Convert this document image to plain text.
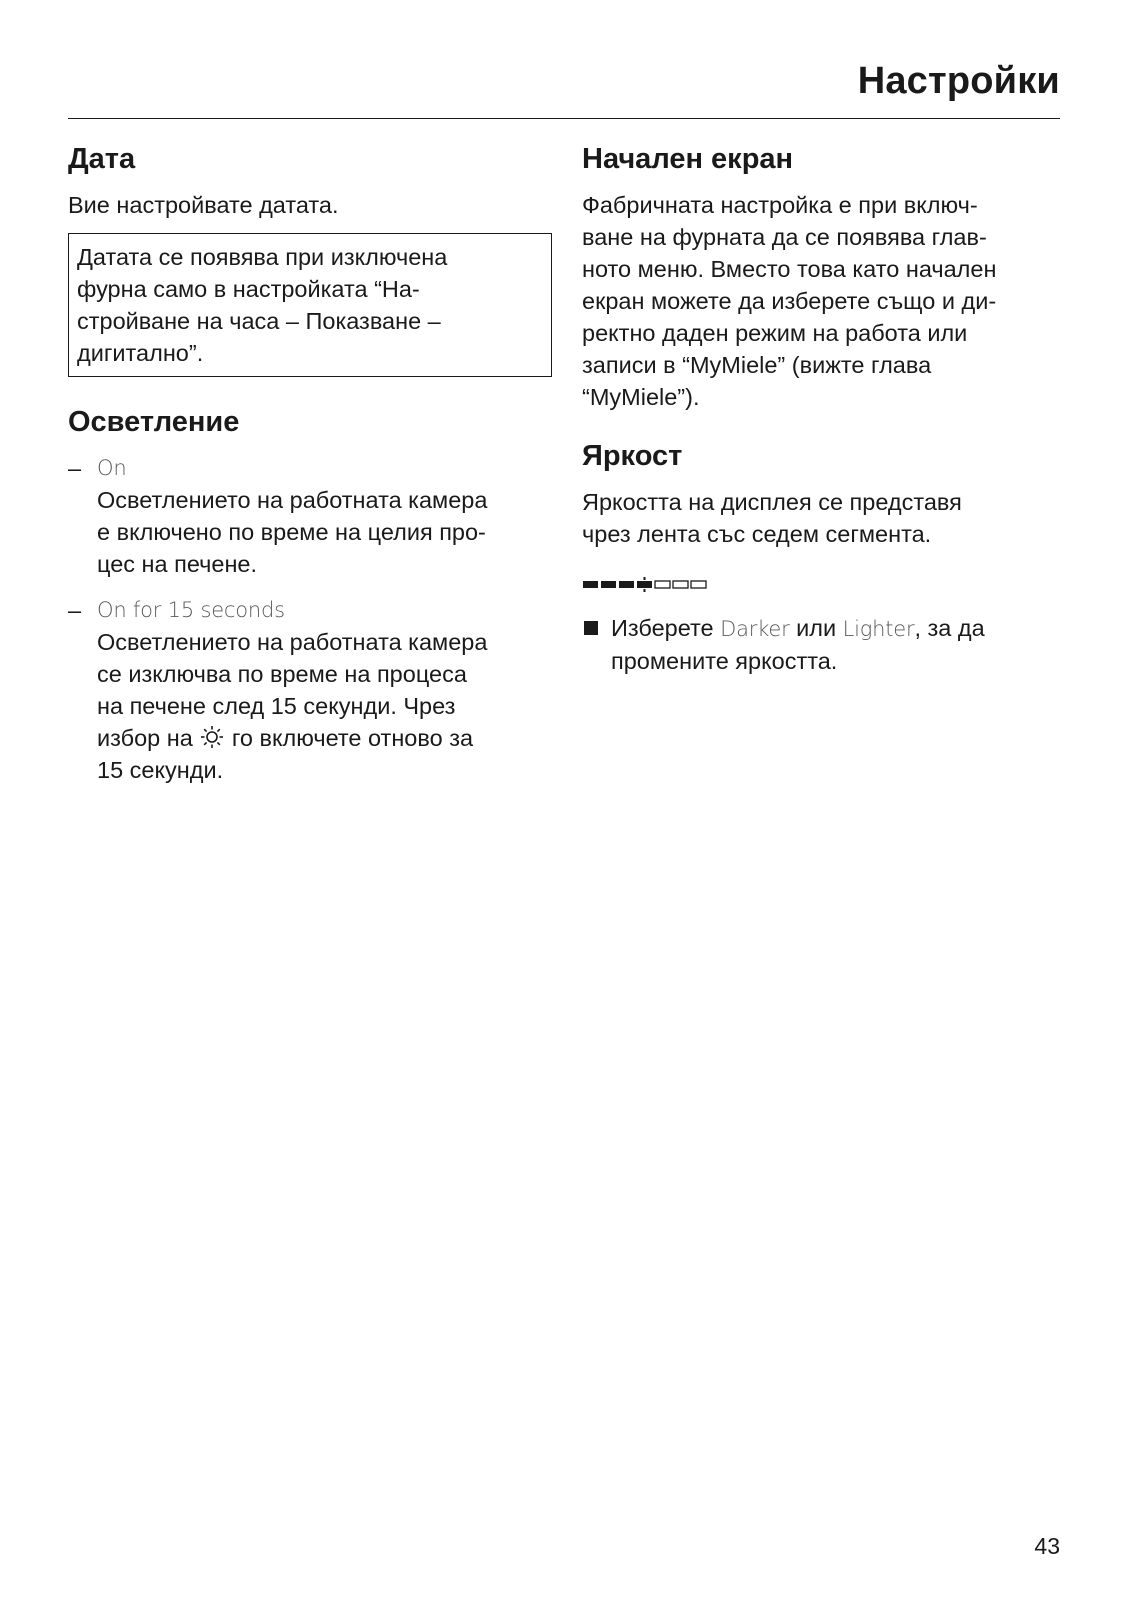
Настройки
Дата

Вие настройвате датата.

Датата се появява при изключена
фурна само в настройката “На-
стройване на часа – Показване –
дигитално”.
Осветление
– On
Осветлението на работната камера
е включено по време на целия про-
цес на печене.
– On for 15 seconds
Осветлението на работната камера
се изключва по време на процеса
на печене след 15 секунди. Чрез
избор на  го включете отново за
15 секунди.
Начален екран
Фабричната настройка е при включ-
ване на фурната да се появява глав-
ното меню. Вместо това като начален
екран можете да изберете също и ди-
ректно даден режим на работа или
записи в “MyMiele” (вижте глава
“MyMiele”).
Яркост
Яркостта на дисплея се представя
чрез лента със седем сегмента.
Изберете Darker или Lighter, за да
промените яркостта.

43
